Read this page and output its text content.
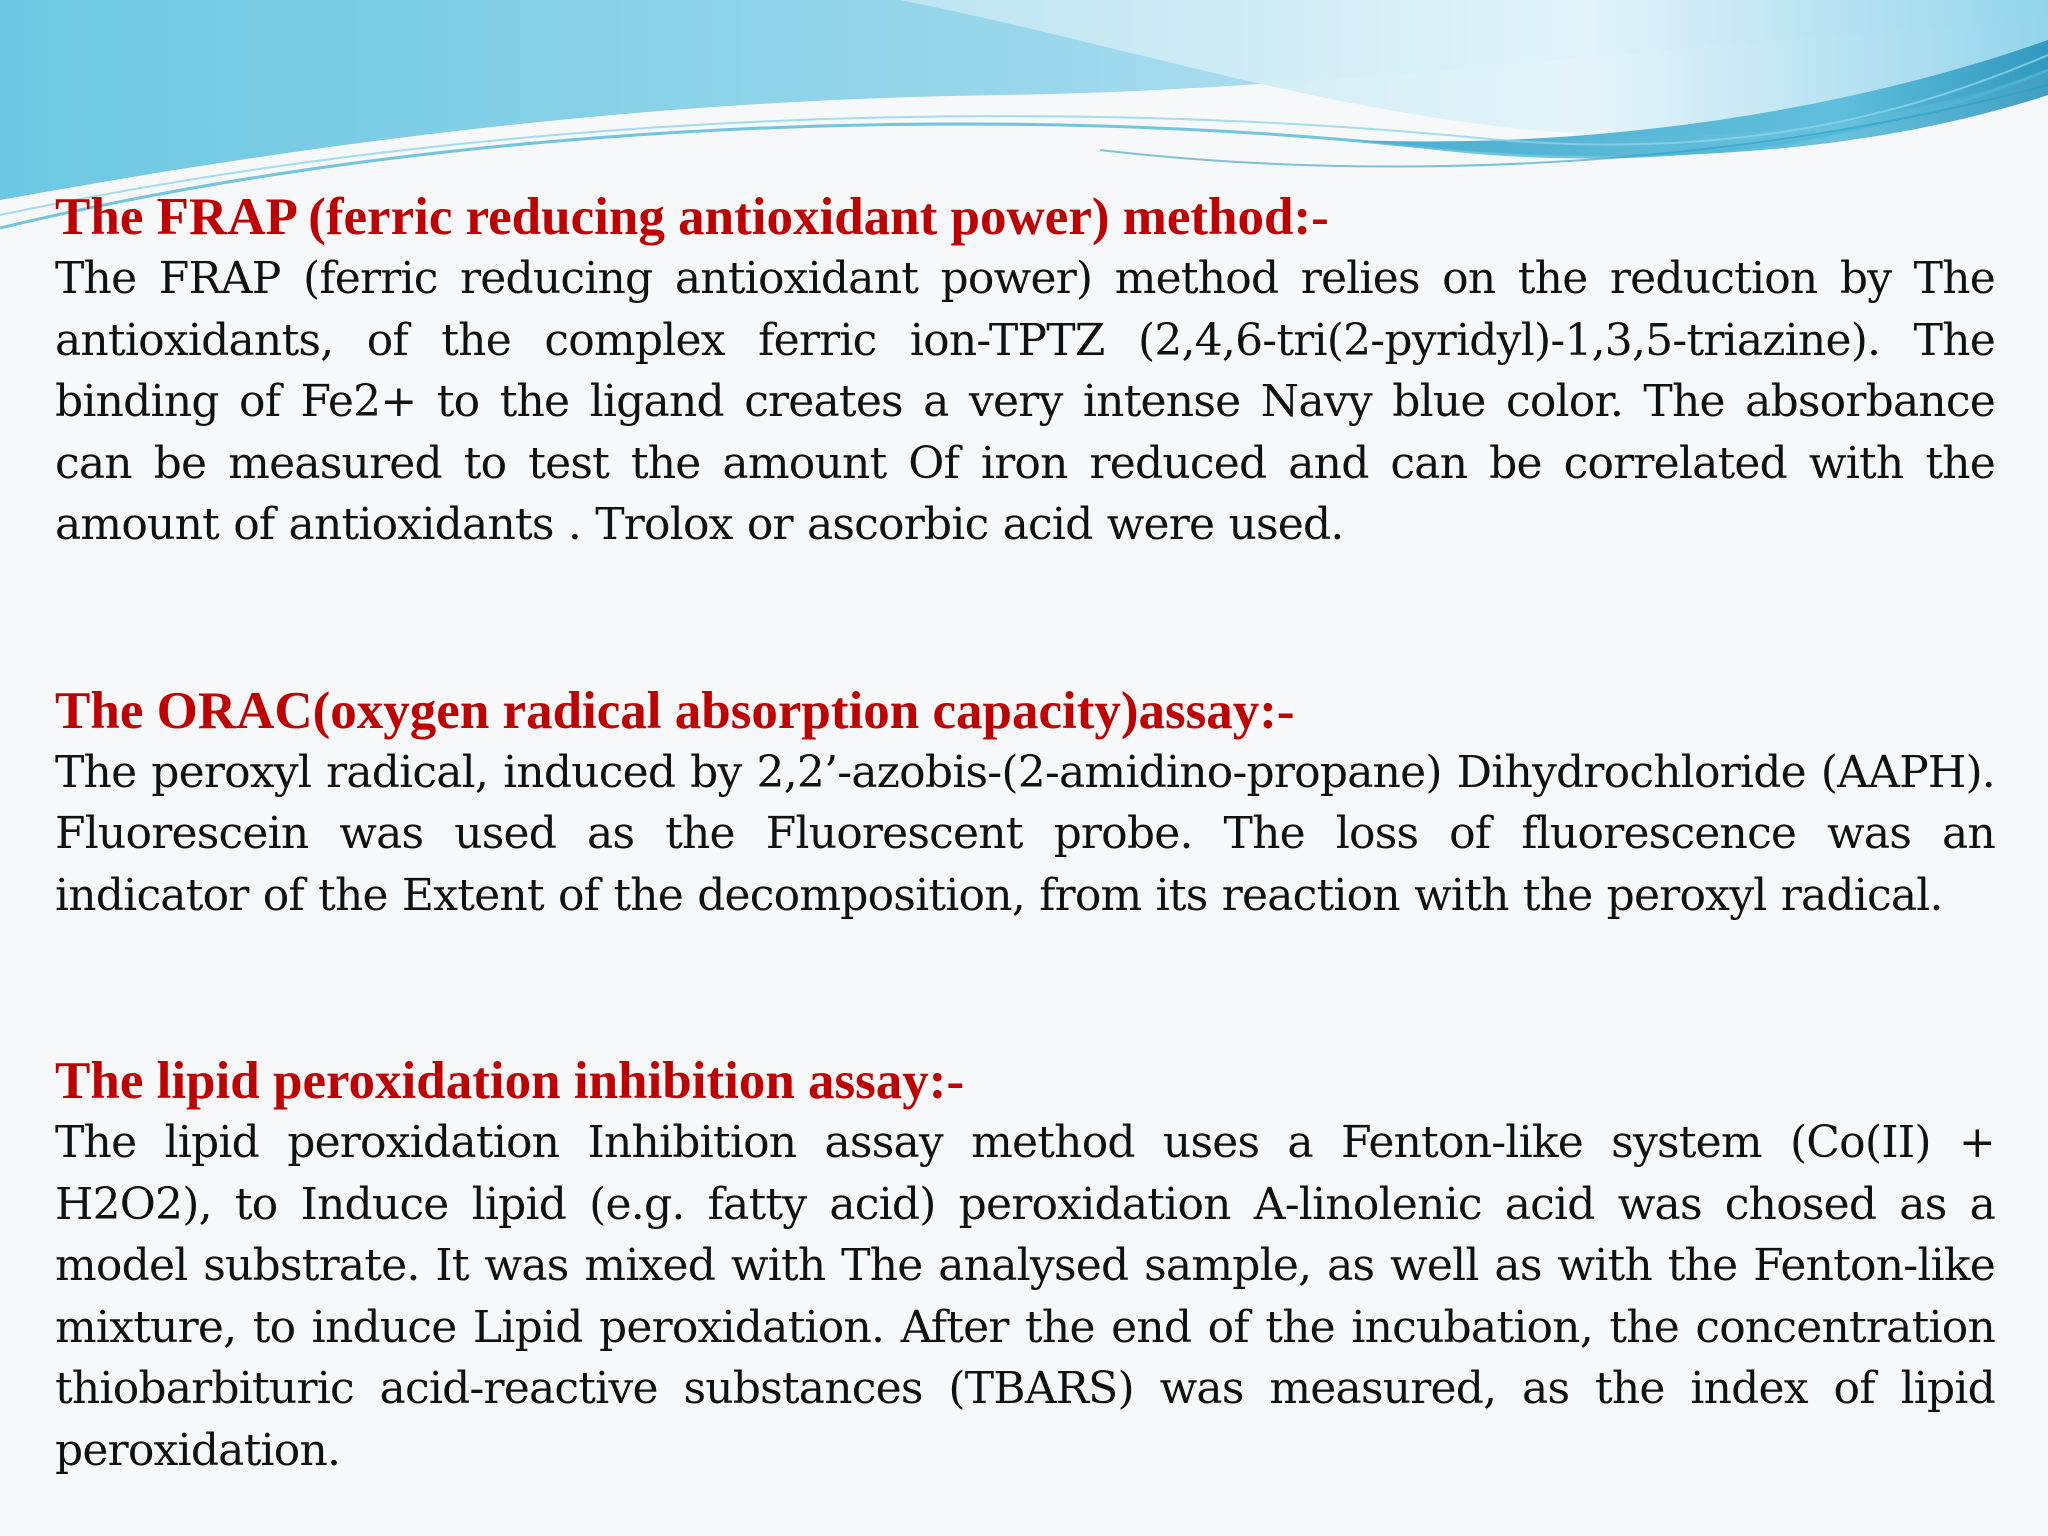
The FRAP (ferric reducing antioxidant power) method:-

The FRAP (ferric reducing antioxidant power) method relies on the reduction by The antioxidants, of the complex ferric ion-TPTZ (2,4,6-tri(2-pyridyl)-1,3,5-triazine). The binding of Fe2+ to the ligand creates a very intense Navy blue color. The absorbance can be measured to test the amount Of iron reduced and can be correlated with the amount of antioxidants . Trolox or ascorbic acid were used.

The ORAC(oxygen radical absorption capacity)assay:-

The peroxyl radical, induced by 2,2’-azobis-(2-amidino-propane) Dihydrochloride (AAPH). Fluorescein was used as the Fluorescent probe. The loss of fluorescence was an indicator of the Extent of the decomposition, from its reaction with the peroxyl radical.

The lipid peroxidation inhibition assay:-

The lipid peroxidation Inhibition assay method uses a Fenton-like system (Co(II) + H2O2), to Induce lipid (e.g. fatty acid) peroxidation A-linolenic acid was chosed as a model substrate. It was mixed with The analysed sample, as well as with the Fenton-like mixture, to induce Lipid peroxidation. After the end of the incubation, the concentration thiobarbituric acid-reactive substances (TBARS) was measured, as the index of lipid peroxidation.
